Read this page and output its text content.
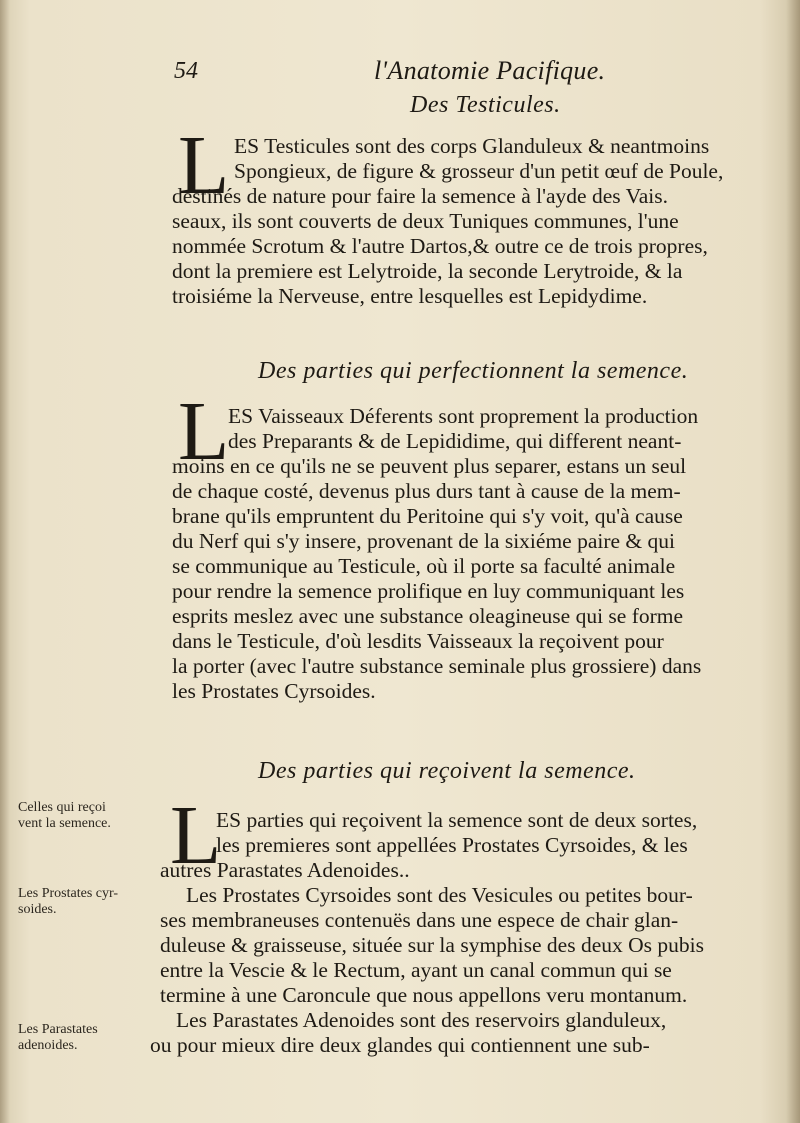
54	l'Anatomie Pacifique.
Des Testicules.
L ES Testicules sont des corps Glanduleux & neantmoins
Spongieux, de figure & grosseur d'un petit œuf de Poule,
destinés de nature pour faire la semence à l'ayde des Vais.
seaux, ils sont couverts de deux Tuniques communes, l'une
nommée Scrotum & l'autre Dartos,& outre ce de trois propres,
dont la premiere est Lelytroide, la seconde Lerytroide, & la
troisiéme la Nerveuse, entre lesquelles est Lepidydime.
Des parties qui perfectionnent la semence.
L
ES Vaisseaux Déferents sont proprement la production
des Preparants & de Lepididime, qui different neant-
moins en ce qu'ils ne se peuvent plus separer, estans un seul
de chaque costé, devenus plus durs tant à cause de la mem-
brane qu'ils empruntent du Peritoine qui s'y voit, qu'à cause
du Nerf qui s'y insere, provenant de la sixiéme paire & qui
se communique au Testicule, où il porte sa faculté animale
pour rendre la semence prolifique en luy communiquant les
esprits meslez avec une substance oleagineuse qui se forme
dans le Testicule, d'où lesdits Vaisseaux la reçoivent pour
la porter (avec l'autre substance seminale plus grossiere) dans
les Prostates Cyrsoides.
Des parties qui reçoivent la semence.
L
ES parties qui reçoivent la semence sont de deux sortes,
les premieres sont appellées Prostates Cyrsoides, & les
autres Parastates Adenoides..
Les Prostates Cyrsoides sont des Vesicules ou petites bour-
ses membraneuses contenuës dans une espece de chair glan-
duleuse & graisseuse, située sur la symphise des deux Os pubis
entre la Vescie & le Rectum, ayant un canal commun qui se
termine à une Caroncule que nous appellons veru montanum.
Les Parastates Adenoides sont des reservoirs glanduleux,
ou pour mieux dire deux glandes qui contiennent une sub-
Celles qui reçoi
vent la semence.
Les Prostates cyr-
soides.
Les Parastates
adenoides.
